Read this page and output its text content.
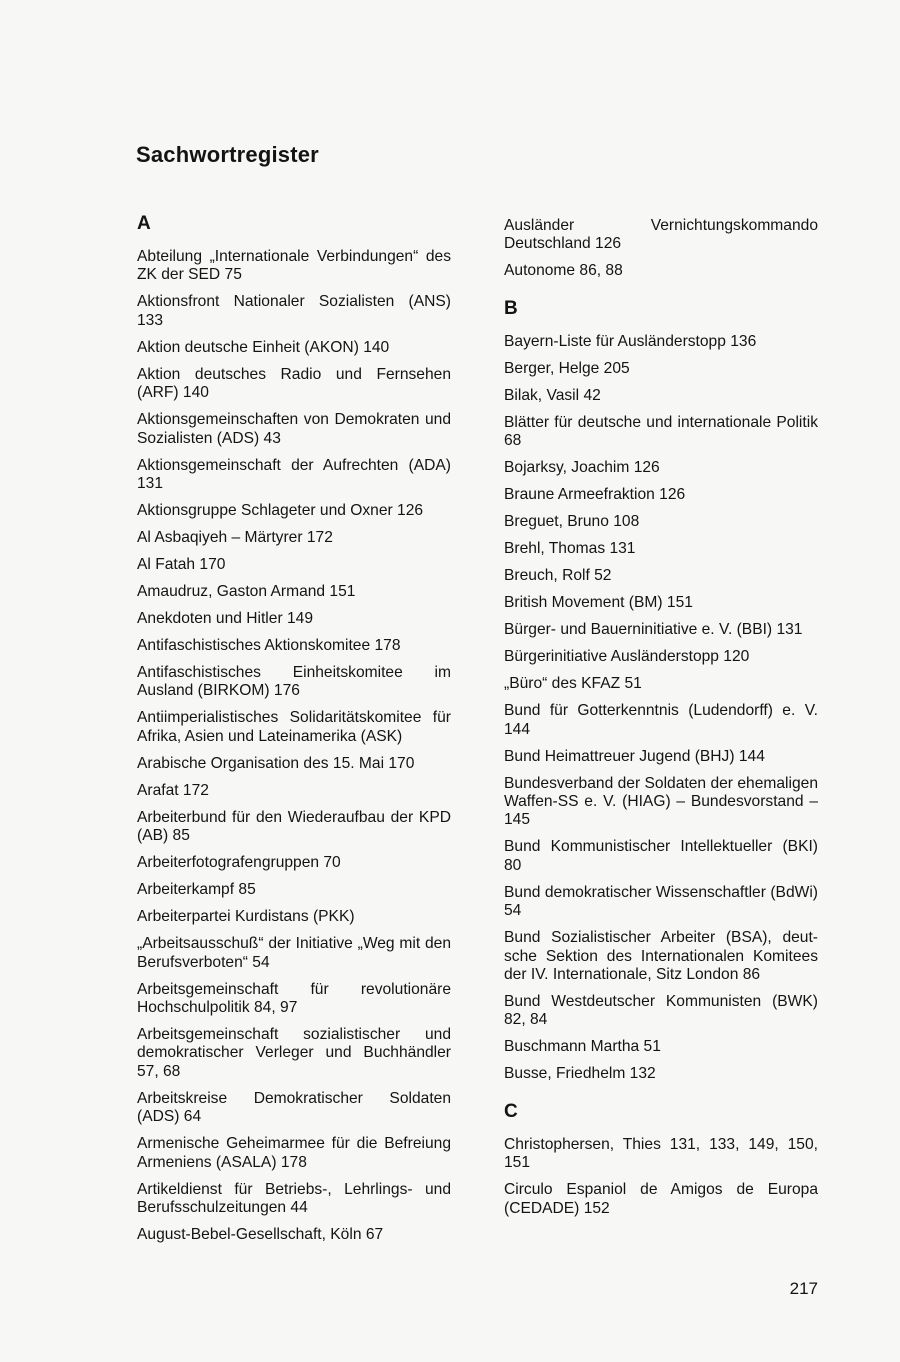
Sachwortregister
A
Abteilung „Internationale Verbindungen“ des ZK der SED 75
Aktionsfront Nationaler Sozialisten (ANS) 133
Aktion deutsche Einheit (AKON) 140
Aktion deutsches Radio und Fernsehen (ARF) 140
Aktionsgemeinschaften von Demokraten und Sozialisten (ADS) 43
Aktionsgemeinschaft der Aufrechten (ADA) 131
Aktionsgruppe Schlageter und Oxner 126
Al Asbaqiyeh – Märtyrer 172
Al Fatah 170
Amaudruz, Gaston Armand 151
Anekdoten und Hitler 149
Antifaschistisches Aktionskomitee 178
Antifaschistisches Einheitskomitee im Ausland (BIRKOM) 176
Antiimperialistisches Solidaritätskomitee für Afrika, Asien und Lateinamerika (ASK)
Arabische Organisation des 15. Mai 170
Arafat 172
Arbeiterbund für den Wiederaufbau der KPD (AB) 85
Arbeiterfotografengruppen 70
Arbeiterkampf 85
Arbeiterpartei Kurdistans (PKK)
„Arbeitsausschuß“ der Initiative „Weg mit den Berufsverboten“ 54
Arbeitsgemeinschaft für revolutionäre Hochschulpolitik 84, 97
Arbeitsgemeinschaft sozialistischer und demokratischer Verleger und Buchhändler 57, 68
Arbeitskreise Demokratischer Soldaten (ADS) 64
Armenische Geheimarmee für die Befreiung Armeniens (ASALA) 178
Artikeldienst für Betriebs-, Lehrlings- und Berufsschulzeitungen 44
August-Bebel-Gesellschaft, Köln 67
Ausländer Vernichtungskommando Deutschland 126
Autonome 86, 88
B
Bayern-Liste für Ausländerstopp 136
Berger, Helge 205
Bilak, Vasil 42
Blätter für deutsche und internationale Politik 68
Bojarksy, Joachim 126
Braune Armeefraktion 126
Breguet, Bruno 108
Brehl, Thomas 131
Breuch, Rolf 52
British Movement (BM) 151
Bürger- und Bauerninitiative e. V. (BBI) 131
Bürgerinitiative Ausländerstopp 120
„Büro“ des KFAZ 51
Bund für Gotterkenntnis (Ludendorff) e. V. 144
Bund Heimattreuer Jugend (BHJ) 144
Bundesverband der Soldaten der ehemaligen Waffen-SS e. V. (HIAG) – Bundesvorstand – 145
Bund Kommunistischer Intellektueller (BKI) 80
Bund demokratischer Wissenschaftler (BdWi) 54
Bund Sozialistischer Arbeiter (BSA), deutsche Sektion des Internationalen Komitees der IV. Internationale, Sitz London 86
Bund Westdeutscher Kommunisten (BWK) 82, 84
Buschmann Martha 51
Busse, Friedhelm 132
C
Christophersen, Thies 131, 133, 149, 150, 151
Circulo Espaniol de Amigos de Europa (CEDADE) 152
217
